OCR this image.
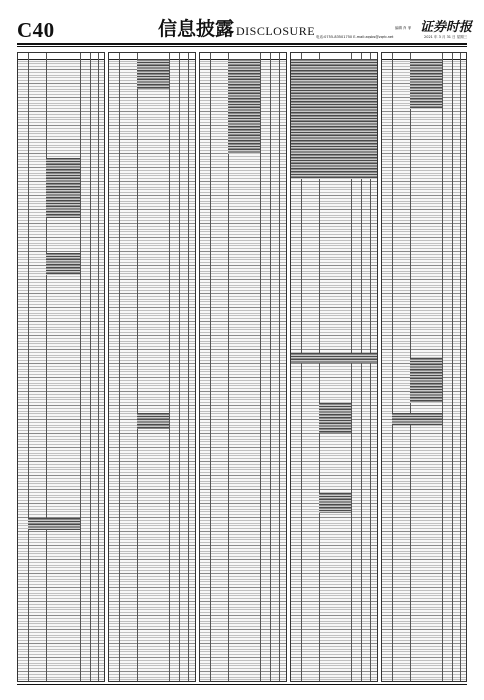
C40	信息披露 DISCLOSURE	证券时报
编辑 肖 菲
电话:0755-83501750 E-mail:zqsbs@zqrb.net	2021 年 3 月 31 日 星期三
